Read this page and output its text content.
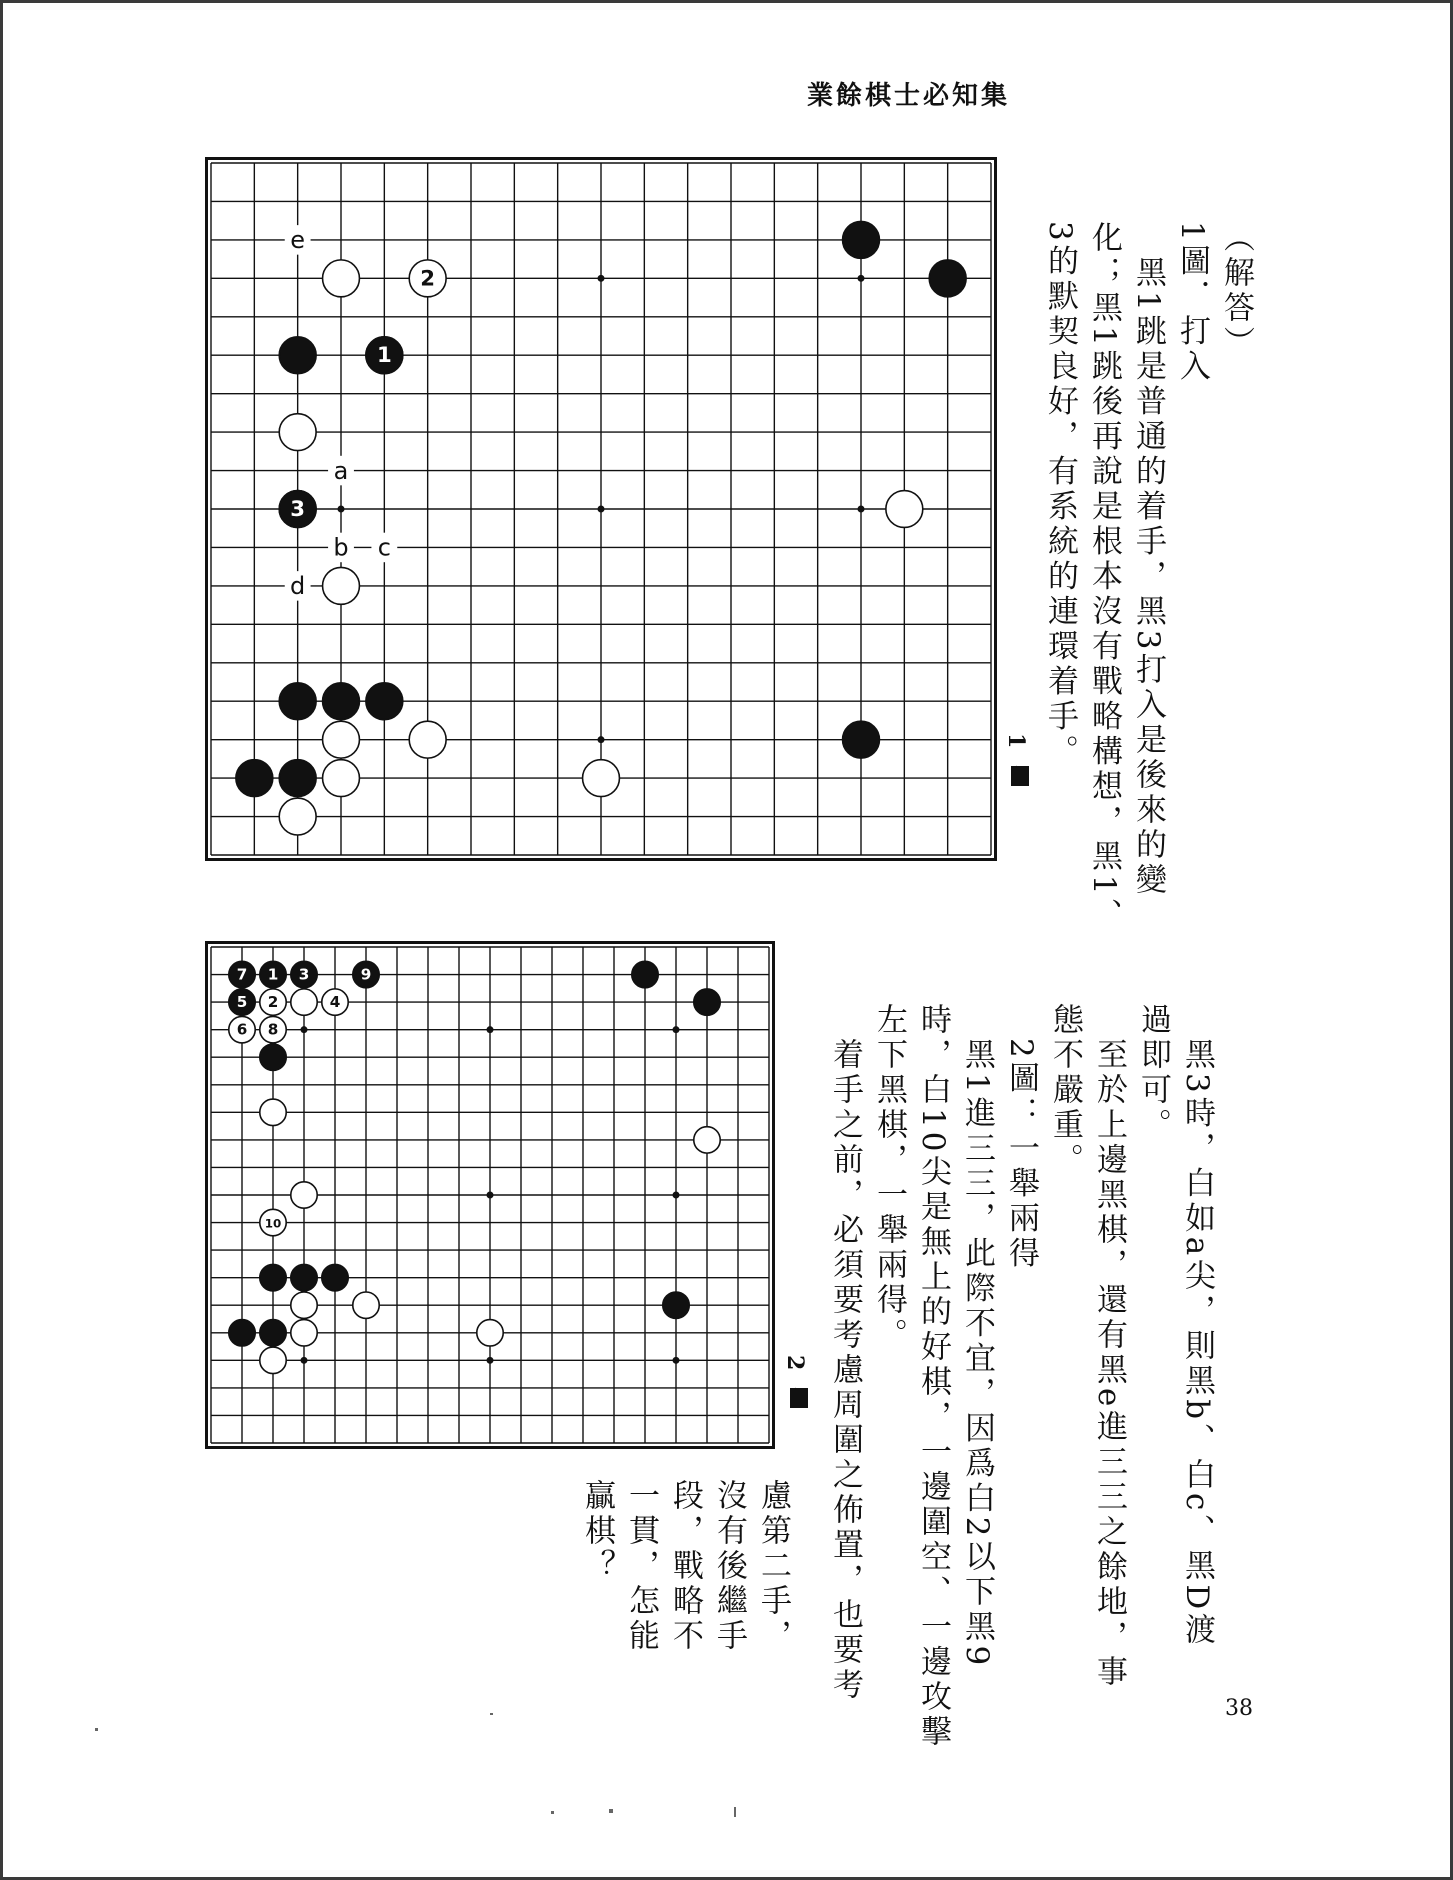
業餘棋士必知集
1
3
2
e
a
b c
d
1 圖
（解答）
1圖．打入
　黑1跳是普通的着手，黑3打入是後來的變
化；黑1跳後再說是根本沒有戰略構想，黑1、
3的默契良好，有系統的連環着手。
7 1 3	9
5 2	4
6 8
10
2 圖	　黑3時，白如a尖，則黑b、白c、黑D渡
過即可。
　至於上邊黑棋，還有黑e進三三之餘地，事
態不嚴重。
　2圖：一舉兩得
　黑1進三三，此際不宜，因爲白2以下黑9
時，白10尖是無上的好棋，一邊圍空、一邊攻擊
左下黑棋，一舉兩得。
　着手之前，必須要考慮周圍之佈置，也要考
慮第二手，
沒有後繼手
段，戰略不
一貫，怎能
贏棋？
38
